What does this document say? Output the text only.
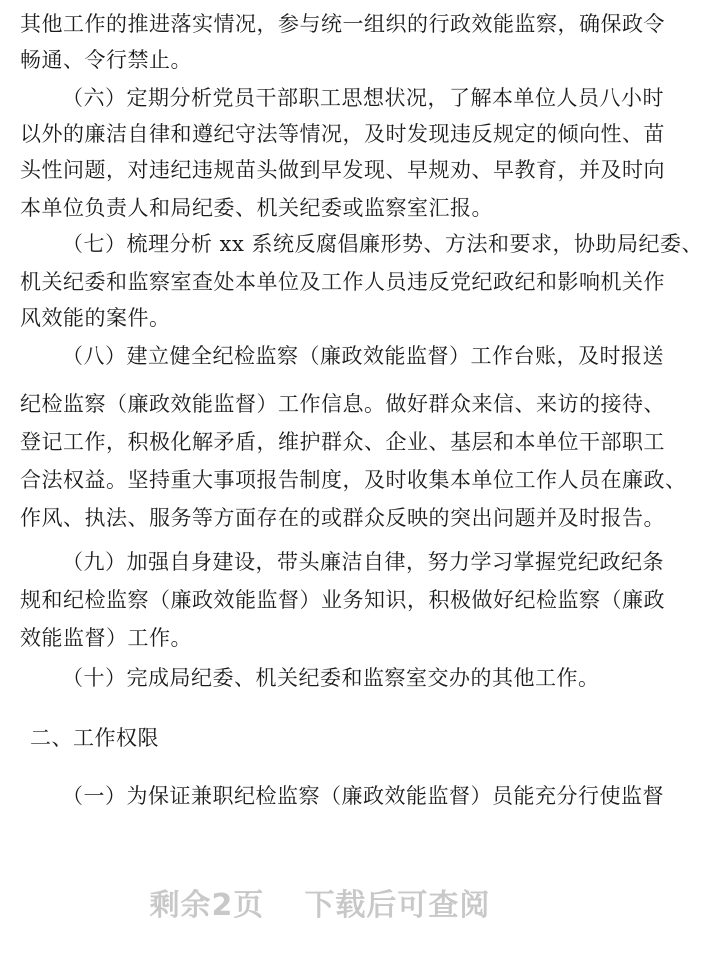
其他工作的推进落实情况，参与统一组织的行政效能监察，确保政令
畅通、令行禁止。
（六）定期分析党员干部职工思想状况，了解本单位人员八小时
以外的廉洁自律和遵纪守法等情况，及时发现违反规定的倾向性、苗
头性问题，对违纪违规苗头做到早发现、早规劝、早教育，并及时向
本单位负责人和局纪委、机关纪委或监察室汇报。
（七）梳理分析 xx 系统反腐倡廉形势、方法和要求，协助局纪委、
机关纪委和监察室查处本单位及工作人员违反党纪政纪和影响机关作
风效能的案件。
（八）建立健全纪检监察（廉政效能监督）工作台账，及时报送
纪检监察（廉政效能监督）工作信息。做好群众来信、来访的接待、
登记工作，积极化解矛盾，维护群众、企业、基层和本单位干部职工
合法权益。坚持重大事项报告制度，及时收集本单位工作人员在廉政、
作风、执法、服务等方面存在的或群众反映的突出问题并及时报告。
（九）加强自身建设，带头廉洁自律，努力学习掌握党纪政纪条
规和纪检监察（廉政效能监督）业务知识，积极做好纪检监察（廉政
效能监督）工作。
（十）完成局纪委、机关纪委和监察室交办的其他工作。
二、工作权限
（一）为保证兼职纪检监察（廉政效能监督）员能充分行使监督
剩余2页 下载后可查阅
